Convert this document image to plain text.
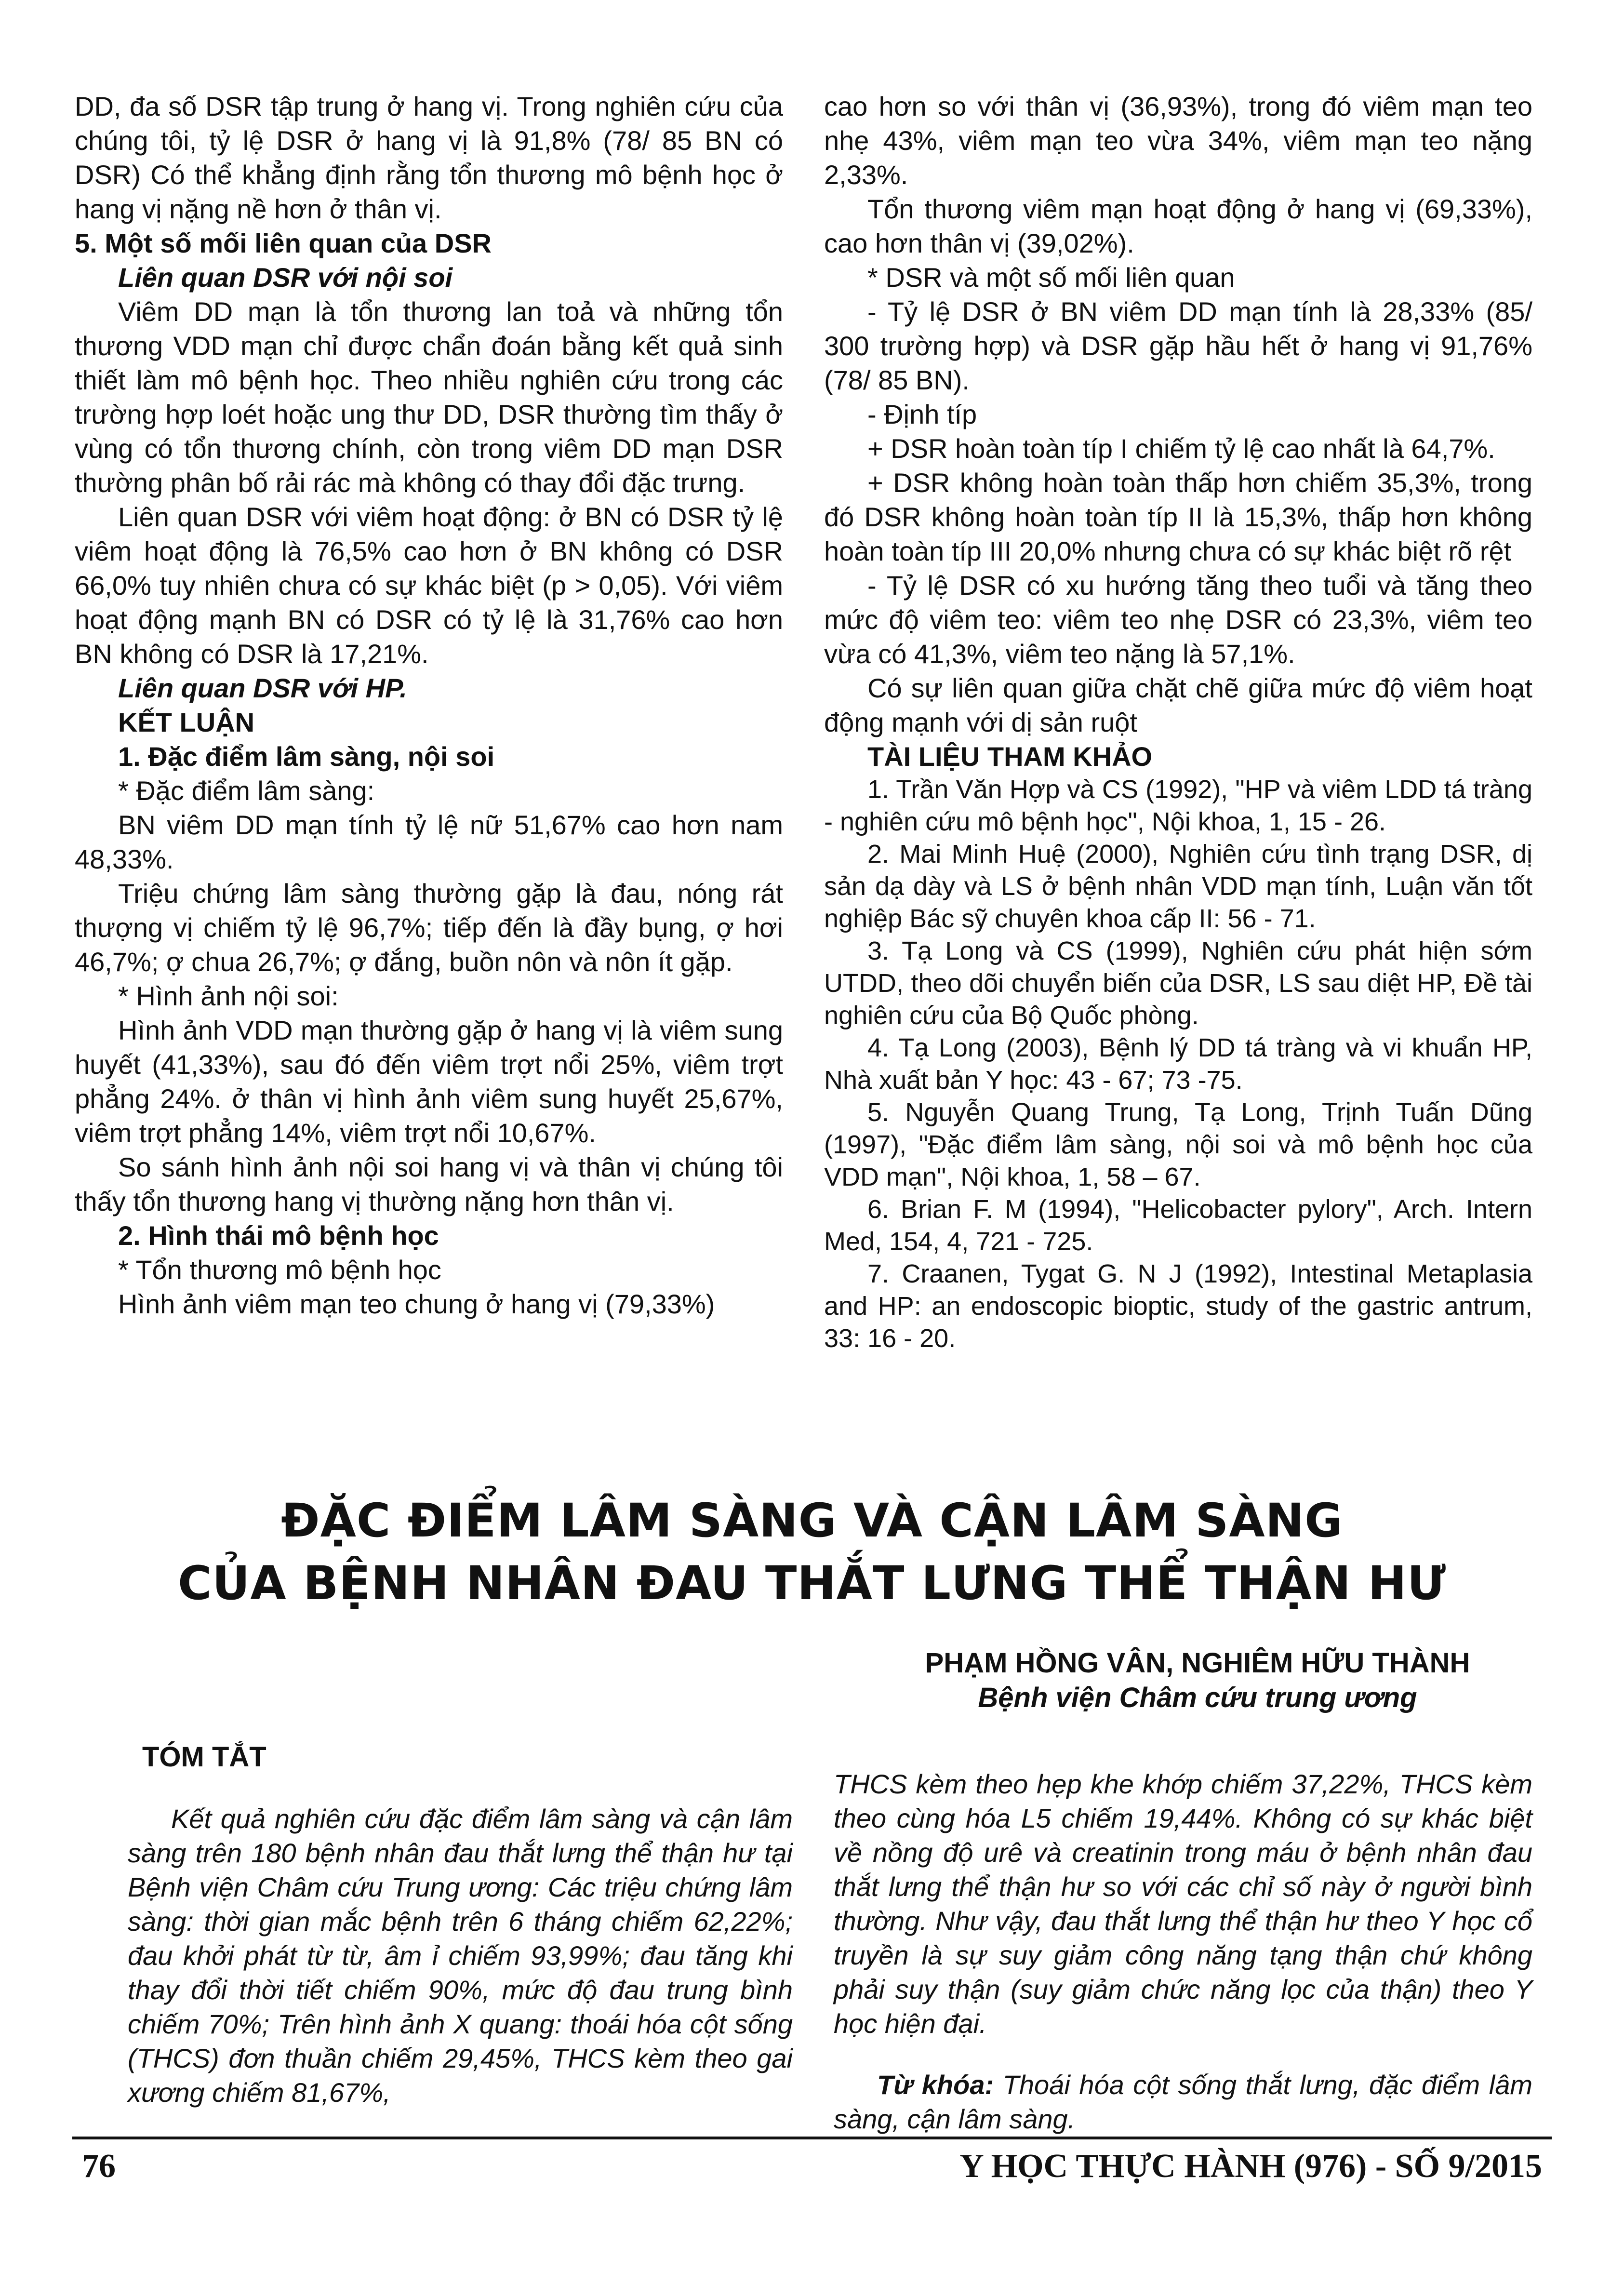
DD, đa số DSR tập trung ở hang vị. Trong nghiên cứu của chúng tôi, tỷ lệ DSR ở hang vị là 91,8% (78/ 85 BN có DSR) Có thể khẳng định rằng tổn thương mô bệnh học ở hang vị nặng nề hơn ở thân vị.

5. Một số mối liên quan của DSR
Liên quan DSR với nội soi

Viêm DD mạn là tổn thương lan toả và những tổn thương VDD mạn chỉ được chẩn đoán bằng kết quả sinh thiết làm mô bệnh học. Theo nhiều nghiên cứu trong các trường hợp loét hoặc ung thư DD, DSR thường tìm thấy ở vùng có tổn thương chính, còn trong viêm DD mạn DSR thường phân bố rải rác mà không có thay đổi đặc trưng.

Liên quan DSR với viêm hoạt động: ở BN có DSR tỷ lệ viêm hoạt động là 76,5% cao hơn ở BN không có DSR 66,0% tuy nhiên chưa có sự khác biệt (p > 0,05). Với viêm hoạt động mạnh BN có DSR có tỷ lệ là 31,76% cao hơn BN không có DSR là 17,21%.

Liên quan DSR với HP.
KẾT LUẬN
1. Đặc điểm lâm sàng, nội soi

* Đặc điểm lâm sàng:

BN viêm DD mạn tính tỷ lệ nữ 51,67% cao hơn nam 48,33%.

Triệu chứng lâm sàng thường gặp là đau, nóng rát thượng vị chiếm tỷ lệ 96,7%; tiếp đến là đầy bụng, ợ hơi 46,7%; ợ chua 26,7%; ợ đắng, buồn nôn và nôn ít gặp.

* Hình ảnh nội soi:

Hình ảnh VDD mạn thường gặp ở hang vị là viêm sung huyết (41,33%), sau đó đến viêm trợt nổi 25%, viêm trợt phẳng 24%. ở thân vị hình ảnh viêm sung huyết 25,67%, viêm trợt phẳng 14%, viêm trợt nổi 10,67%.

So sánh hình ảnh nội soi hang vị và thân vị chúng tôi thấy tổn thương hang vị thường nặng hơn thân vị.

2. Hình thái mô bệnh học

* Tổn thương mô bệnh học

Hình ảnh viêm mạn teo chung ở hang vị (79,33%)

cao hơn so với thân vị (36,93%), trong đó viêm mạn teo nhẹ 43%, viêm mạn teo vừa 34%, viêm mạn teo nặng 2,33%.

Tổn thương viêm mạn hoạt động ở hang vị (69,33%), cao hơn thân vị (39,02%).

* DSR và một số mối liên quan

- Tỷ lệ DSR ở BN viêm DD mạn tính là 28,33% (85/ 300 trường hợp) và DSR gặp hầu hết ở hang vị 91,76% (78/ 85 BN).

- Định típ

+ DSR hoàn toàn típ I chiếm tỷ lệ cao nhất là 64,7%.

+ DSR không hoàn toàn thấp hơn chiếm 35,3%, trong đó DSR không hoàn toàn típ II là 15,3%, thấp hơn không hoàn toàn típ III 20,0% nhưng chưa có sự khác biệt rõ rệt

- Tỷ lệ DSR có xu hướng tăng theo tuổi và tăng theo mức độ viêm teo: viêm teo nhẹ DSR có 23,3%, viêm teo vừa có 41,3%, viêm teo nặng là 57,1%.

Có sự liên quan giữa chặt chẽ giữa mức độ viêm hoạt động mạnh với dị sản ruột

TÀI LIỆU THAM KHẢO

1. Trần Văn Hợp và CS (1992), "HP và viêm LDD tá tràng - nghiên cứu mô bệnh học", Nội khoa, 1, 15 - 26.

2. Mai Minh Huệ (2000), Nghiên cứu tình trạng DSR, dị sản dạ dày và LS ở bệnh nhân VDD mạn tính, Luận văn tốt nghiệp Bác sỹ chuyên khoa cấp II: 56 - 71.

3. Tạ Long và CS (1999), Nghiên cứu phát hiện sớm UTDD, theo dõi chuyển biến của DSR, LS sau diệt HP, Đề tài nghiên cứu của Bộ Quốc phòng.

4. Tạ Long (2003), Bệnh lý DD tá tràng và vi khuẩn HP, Nhà xuất bản Y học: 43 - 67; 73 -75.

5. Nguyễn Quang Trung, Tạ Long, Trịnh Tuấn Dũng (1997), "Đặc điểm lâm sàng, nội soi và mô bệnh học của VDD mạn", Nội khoa, 1, 58 – 67.

6. Brian F. M (1994), "Helicobacter pylory", Arch. Intern Med, 154, 4, 721 - 725.

7. Craanen, Tygat G. N J (1992), Intestinal Metaplasia and HP: an endoscopic bioptic, study of the gastric antrum, 33: 16 - 20.

ĐẶC ĐIỂM LÂM SÀNG VÀ CẬN LÂM SÀNG
CỦA BỆNH NHÂN ĐAU THẮT LƯNG THỂ THẬN HƯ
PHẠM HỒNG VÂN, NGHIÊM HỮU THÀNH
Bệnh viện Châm cứu trung ương
TÓM TẮT

Kết quả nghiên cứu đặc điểm lâm sàng và cận lâm sàng trên 180 bệnh nhân đau thắt lưng thể thận hư tại Bệnh viện Châm cứu Trung ương: Các triệu chứng lâm sàng: thời gian mắc bệnh trên 6 tháng chiếm 62,22%; đau khởi phát từ từ, âm ỉ chiếm 93,99%; đau tăng khi thay đổi thời tiết chiếm 90%, mức độ đau trung bình chiếm 70%; Trên hình ảnh X quang: thoái hóa cột sống (THCS) đơn thuần chiếm 29,45%, THCS kèm theo gai xương chiếm 81,67%,

THCS kèm theo hẹp khe khớp chiếm 37,22%, THCS kèm theo cùng hóa L5 chiếm 19,44%. Không có sự khác biệt về nồng độ urê và creatinin trong máu ở bệnh nhân đau thắt lưng thể thận hư so với các chỉ số này ở người bình thường. Như vậy, đau thắt lưng thể thận hư theo Y học cổ truyền là sự suy giảm công năng tạng thận chứ không phải suy thận (suy giảm chức năng lọc của thận) theo Y học hiện đại.

Từ khóa: Thoái hóa cột sống thắt lưng, đặc điểm lâm sàng, cận lâm sàng.

76	Y HỌC THỰC HÀNH (976) - SỐ 9/2015
